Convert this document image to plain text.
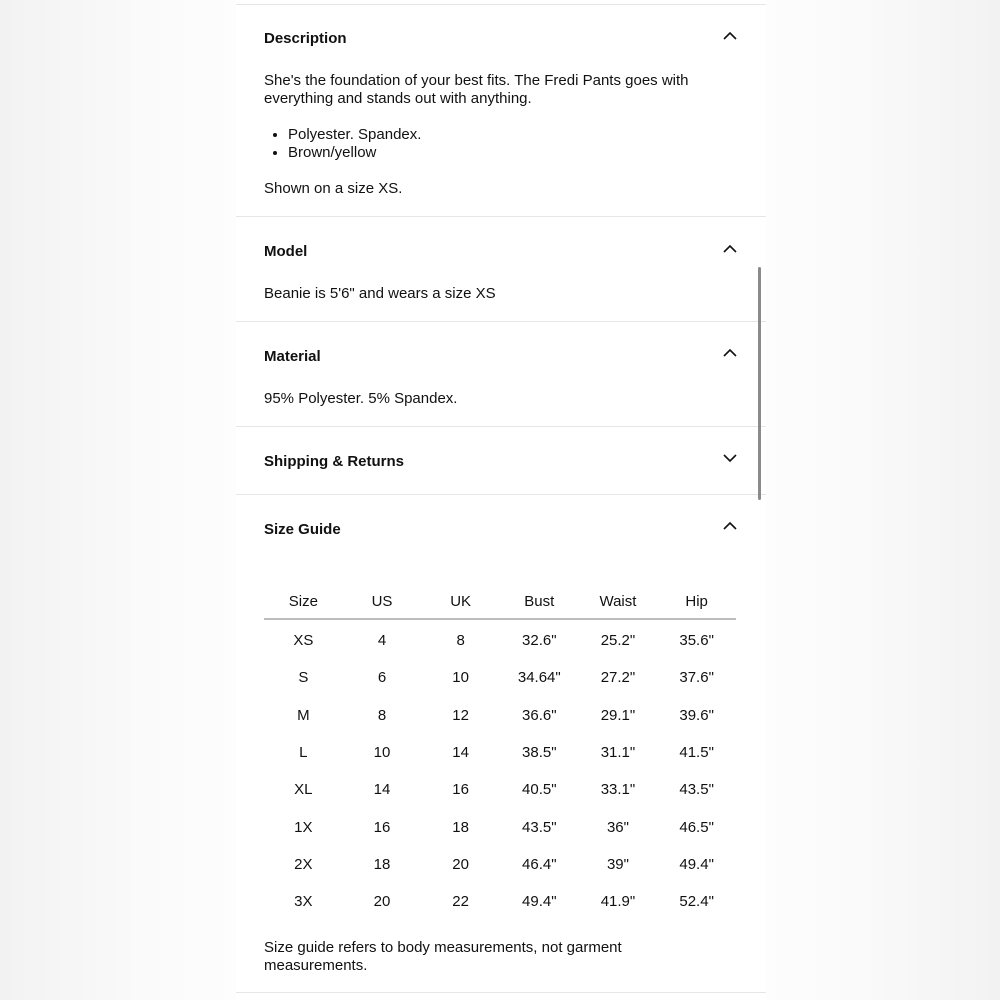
Description
She's the foundation of your best fits. The Fredi Pants goes with everything and stands out with anything.
• Polyester. Spandex.
• Brown/yellow
Shown on a size XS.
Model
Beanie is 5'6" and wears a size XS
Material
95% Polyester. 5% Spandex.
Shipping & Returns
Size Guide
Size	US	UK	Bust	Waist	Hip
XS	4	8	32.6"	25.2"	35.6"
S	6	10	34.64"	27.2"	37.6"
M	8	12	36.6"	29.1"	39.6"
L	10	14	38.5"	31.1"	41.5"
XL	14	16	40.5"	33.1"	43.5"
1X	16	18	43.5"	36"	46.5"
2X	18	20	46.4"	39"	49.4"
3X	20	22	49.4"	41.9"	52.4"
Size guide refers to body measurements, not garment measurements.
